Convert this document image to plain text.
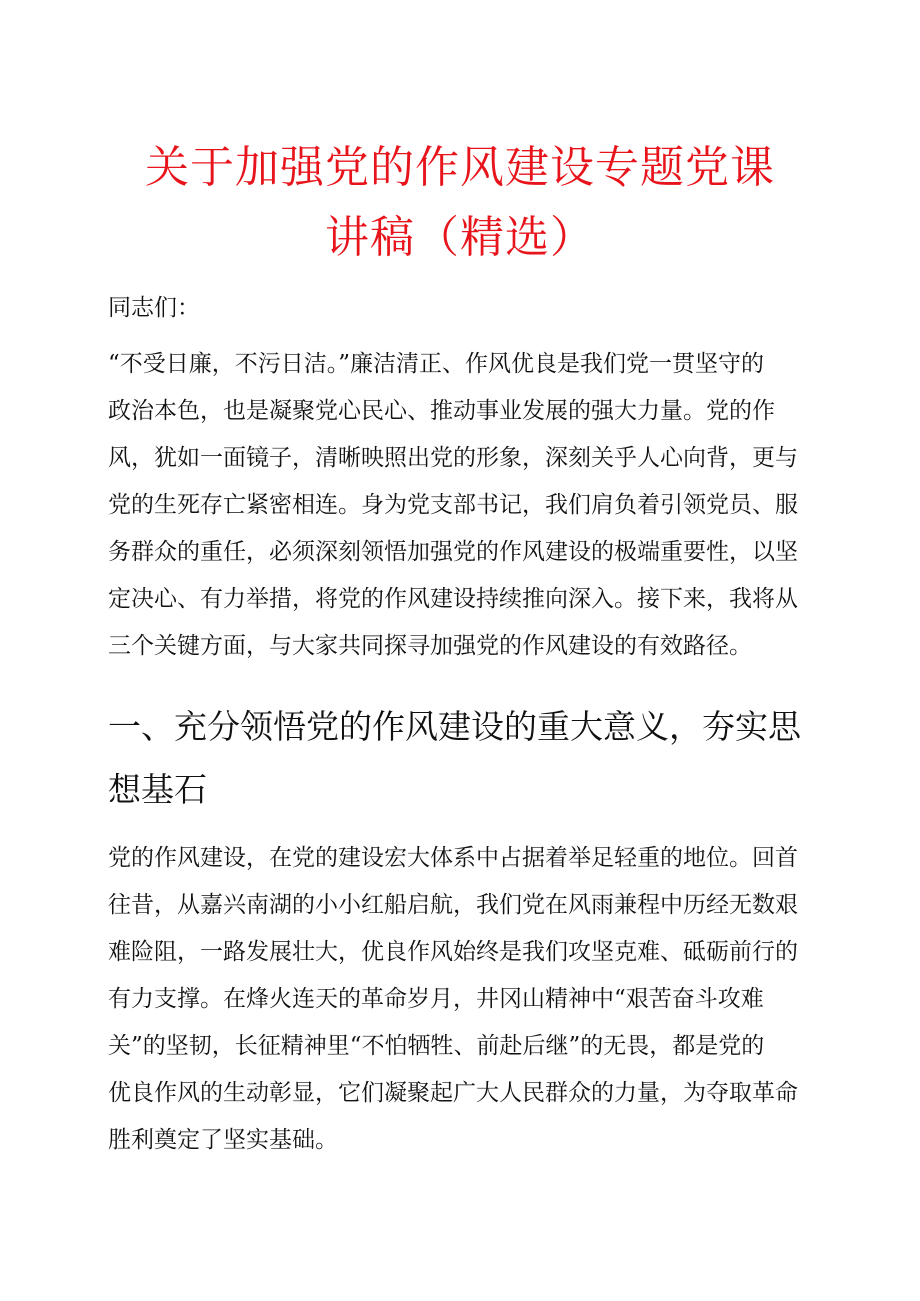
关于加强党的作风建设专题党课
讲稿（精选）

同志们：

“不受日廉，不污日洁。”廉洁清正、作风优良是我们党一贯坚守的

政治本色，也是凝聚党心民心、推动事业发展的强大力量。党的作

风，犹如一面镜子，清晰映照出党的形象，深刻关乎人心向背，更与

党的生死存亡紧密相连。身为党支部书记，我们肩负着引领党员、服

务群众的重任，必须深刻领悟加强党的作风建设的极端重要性，以坚

定决心、有力举措，将党的作风建设持续推向深入。接下来，我将从

三个关键方面，与大家共同探寻加强党的作风建设的有效路径。

一、充分领悟党的作风建设的重大意义，夯实思
想基石

党的作风建设，在党的建设宏大体系中占据着举足轻重的地位。回首

往昔，从嘉兴南湖的小小红船启航，我们党在风雨兼程中历经无数艰

难险阻，一路发展壮大，优良作风始终是我们攻坚克难、砥砺前行的

有力支撑。在烽火连天的革命岁月，井冈山精神中“艰苦奋斗攻难

关”的坚韧，长征精神里“不怕牺牲、前赴后继”的无畏，都是党的

优良作风的生动彰显，它们凝聚起广大人民群众的力量，为夺取革命

胜利奠定了坚实基础。
